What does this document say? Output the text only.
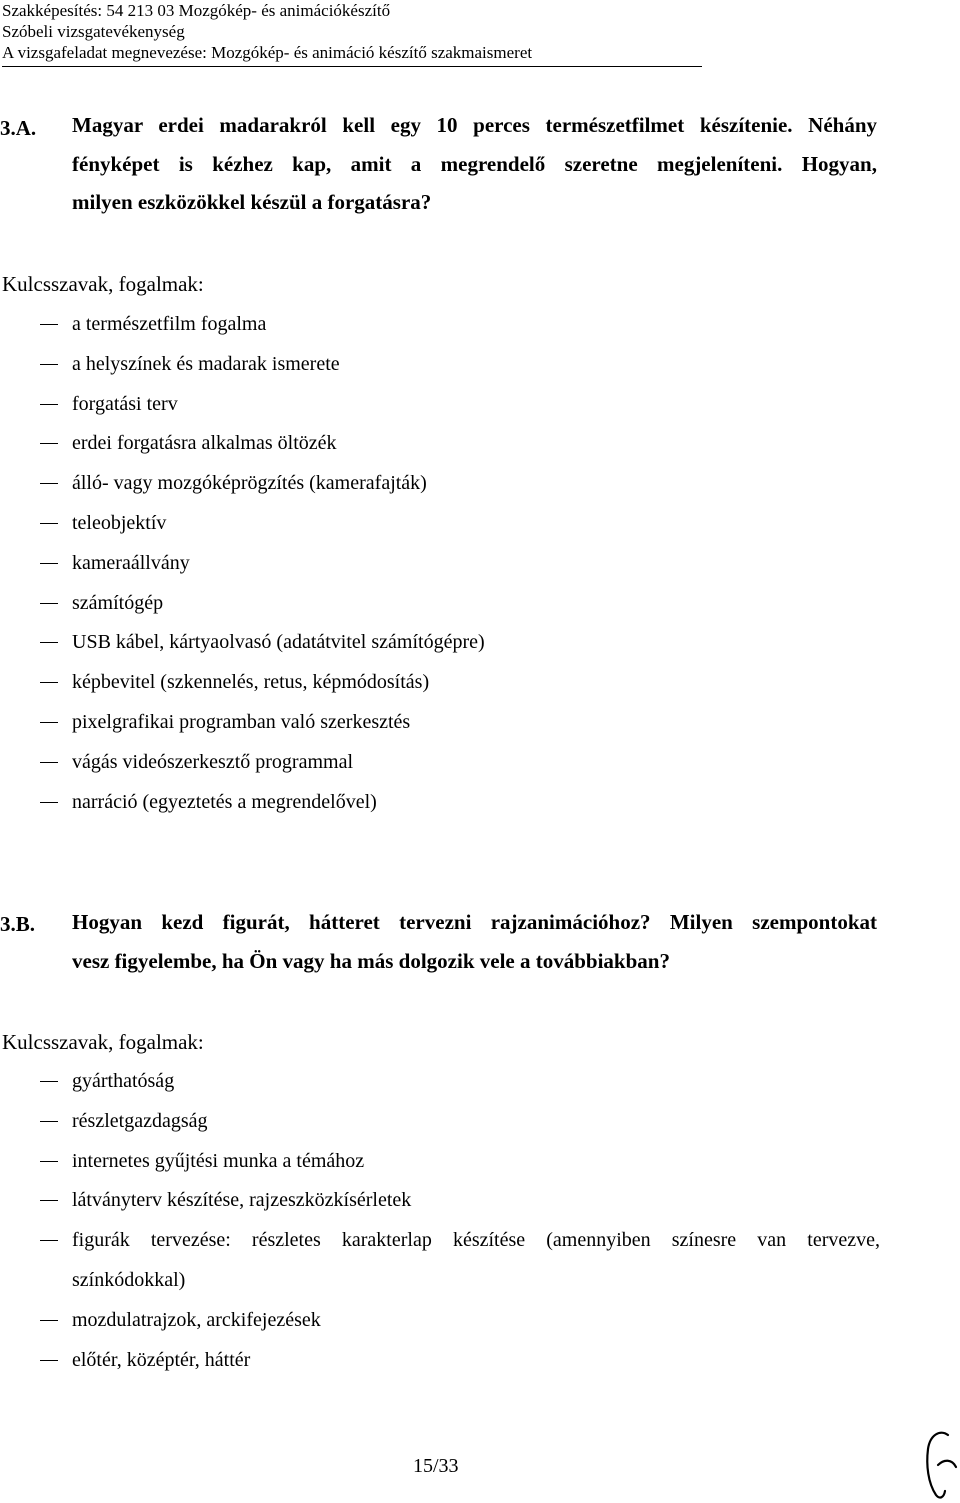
Szakképesítés: 54 213 03 Mozgókép- és animációkészítő
Szóbeli vizsgatevékenység
A vizsgafeladat megnevezése: Mozgókép- és animáció készítő szakmaismeret
3.A. Magyar erdei madarakról kell egy 10 perces természetfilmet készítenie. Néhány
fényképet is kézhez kap, amit a megrendelő szeretne megjeleníteni. Hogyan,
milyen eszközökkel készül a forgatásra?
Kulcsszavak, fogalmak:
a természetfilm fogalma
a helyszínek és madarak ismerete
forgatási terv
erdei forgatásra alkalmas öltözék
álló- vagy mozgóképrögzítés (kamerafajták)
teleobjektív
kameraállvány
számítógép
USB kábel, kártyaolvasó (adatátvitel számítógépre)
képbevitel (szkennelés, retus, képmódosítás)
pixelgrafikai programban való szerkesztés
vágás videószerkesztő programmal
narráció (egyeztetés a megrendelővel)
3.B. Hogyan kezd figurát, hátteret tervezni rajzanimációhoz? Milyen szempontokat
vesz figyelembe, ha Ön vagy ha más dolgozik vele a továbbiakban?
Kulcsszavak, fogalmak:
gyárthatóság
részletgazdagság
internetes gyűjtési munka a témához
látványterv készítése, rajzeszközkísérletek
figurák tervezése: részletes karakterlap készítése (amennyiben színesre van tervezve,
színkódokkal)
mozdulatrajzok, arckifejezések
előtér, középtér, háttér
15/33
